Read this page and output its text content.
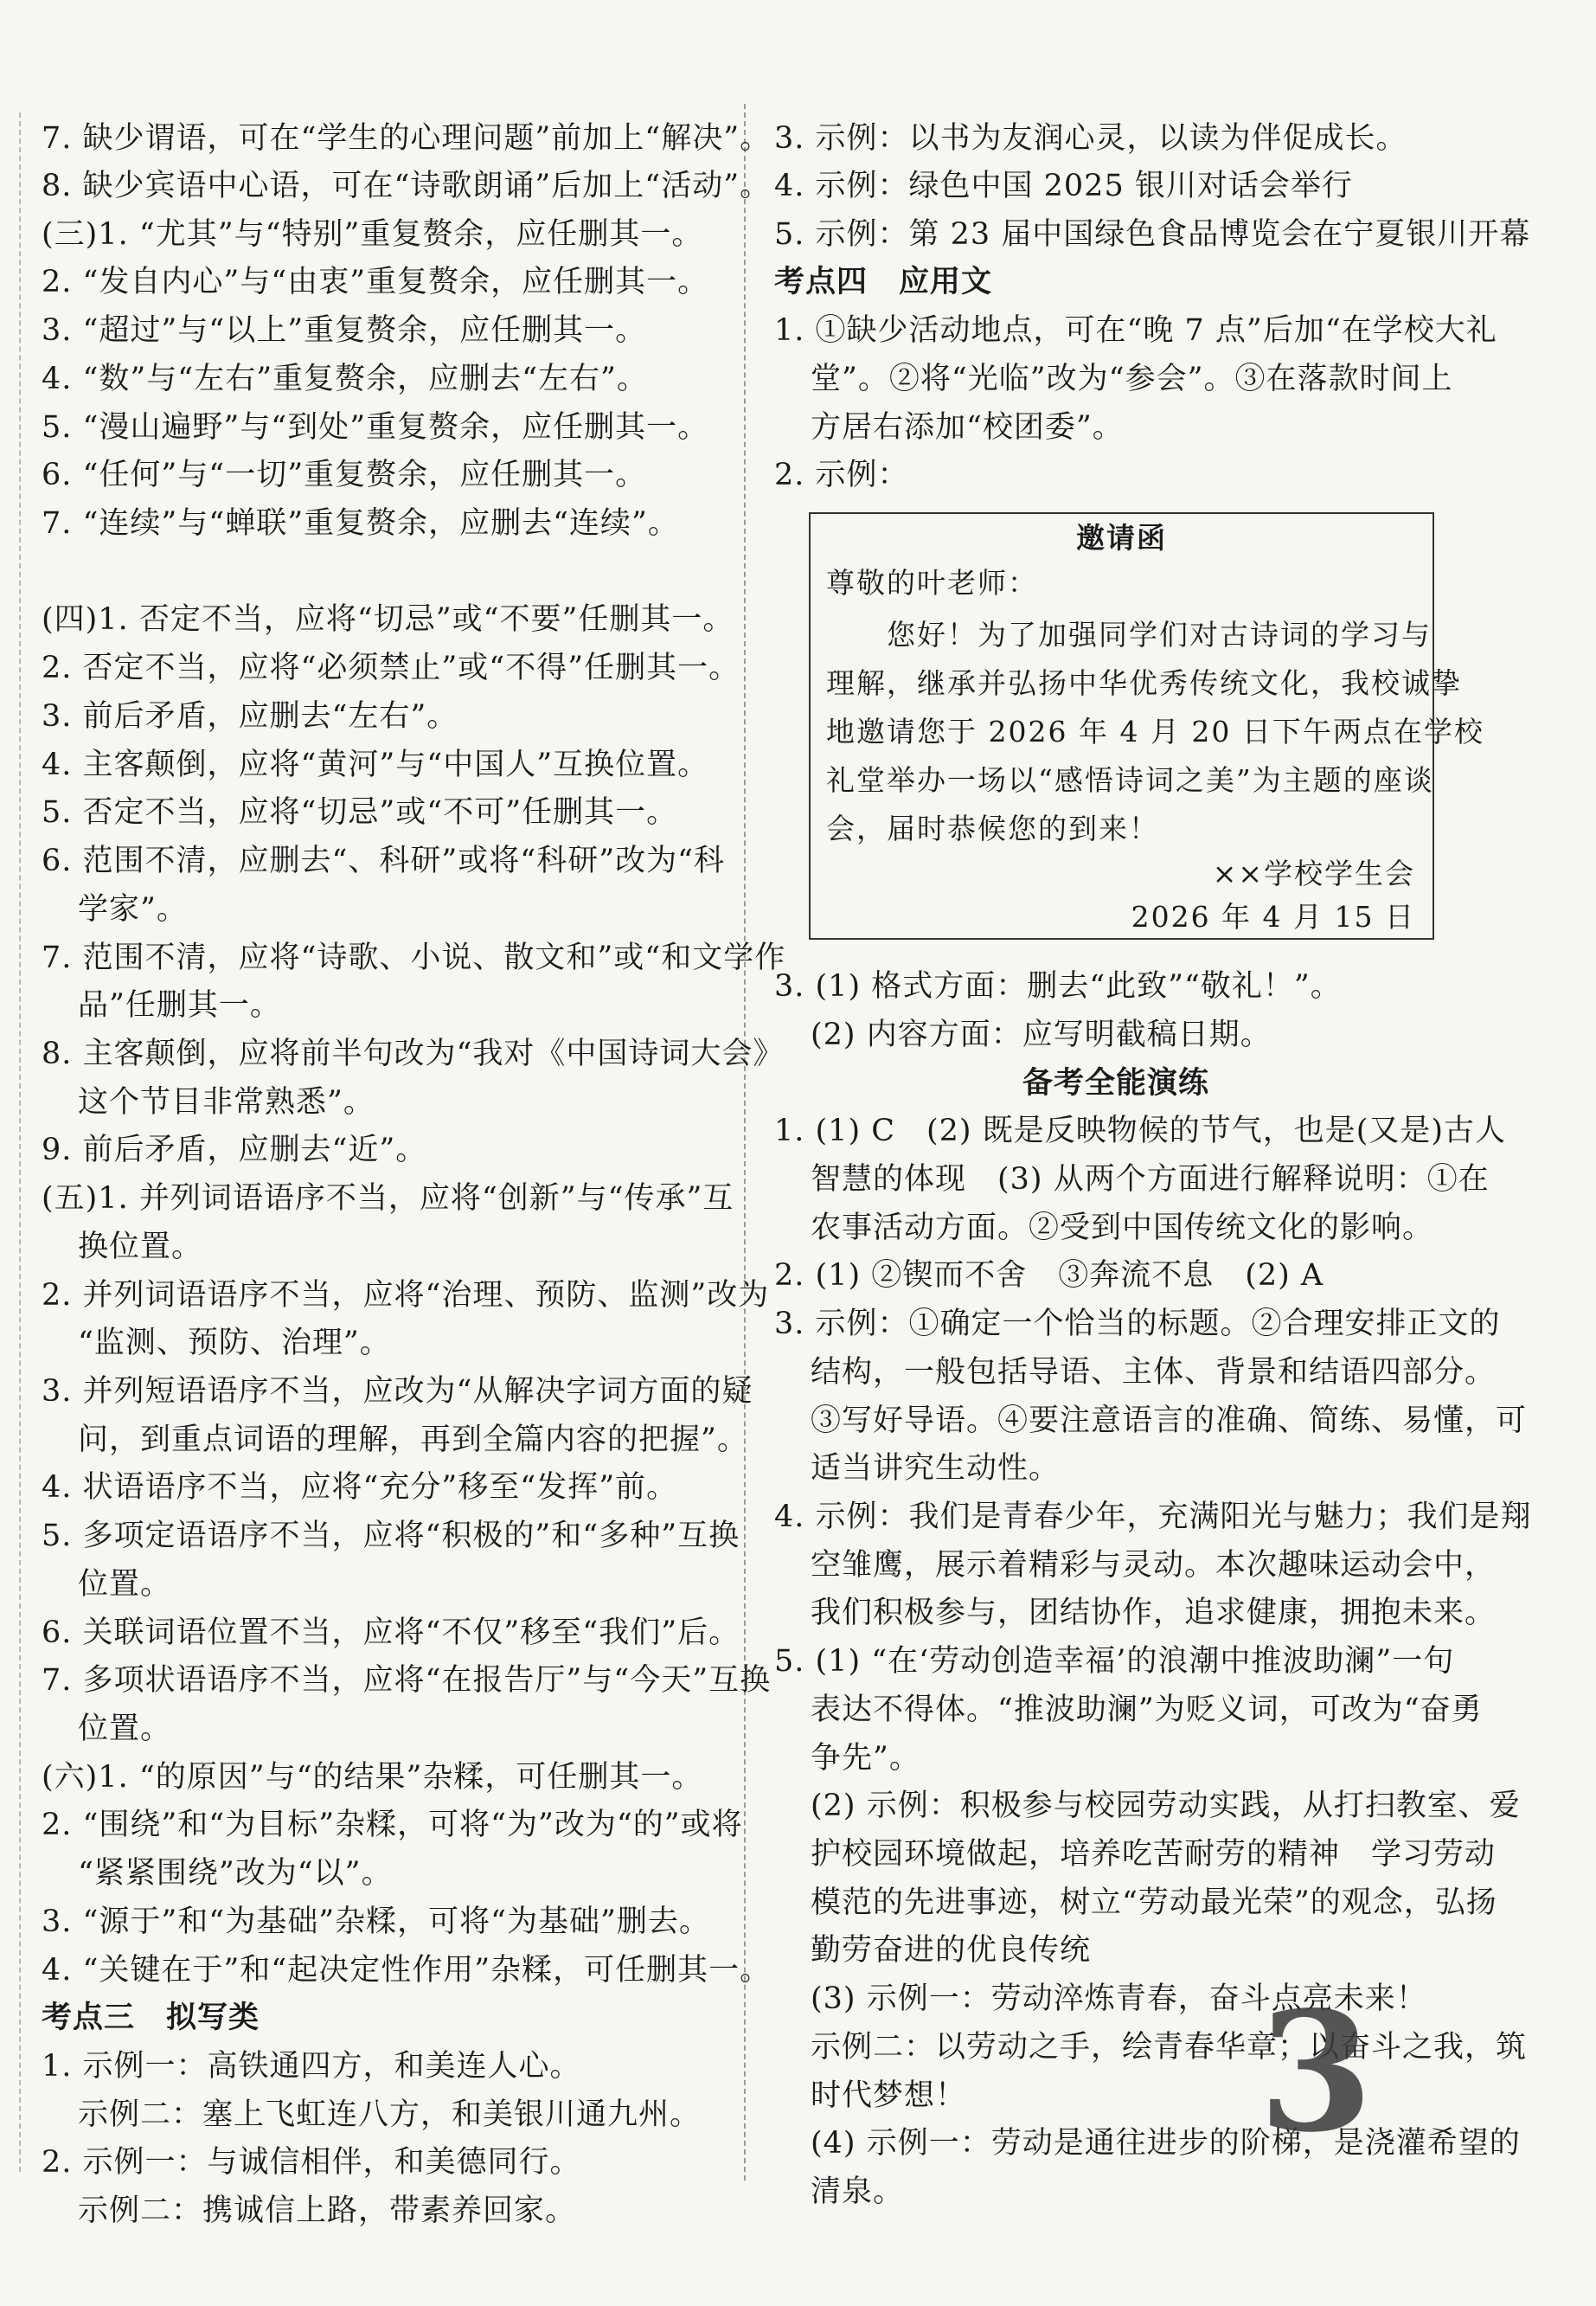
7. 缺少谓语，可在“学生的心理问题”前加上“解决”。
8. 缺少宾语中心语，可在“诗歌朗诵”后加上“活动”。
(三)1. “尤其”与“特别”重复赘余，应任删其一。
2. “发自内心”与“由衷”重复赘余，应任删其一。
3. “超过”与“以上”重复赘余，应任删其一。
4. “数”与“左右”重复赘余，应删去“左右”。
5. “漫山遍野”与“到处”重复赘余，应任删其一。
6. “任何”与“一切”重复赘余，应任删其一。
7. “连续”与“蝉联”重复赘余，应删去“连续”。
(四)1. 否定不当，应将“切忌”或“不要”任删其一。
2. 否定不当，应将“必须禁止”或“不得”任删其一。
3. 前后矛盾，应删去“左右”。
4. 主客颠倒，应将“黄河”与“中国人”互换位置。
5. 否定不当，应将“切忌”或“不可”任删其一。
6. 范围不清，应删去“、科研”或将“科研”改为“科
学家”。
7. 范围不清，应将“诗歌、小说、散文和”或“和文学作
品”任删其一。
8. 主客颠倒，应将前半句改为“我对《中国诗词大会》
这个节目非常熟悉”。
9. 前后矛盾，应删去“近”。
(五)1. 并列词语语序不当，应将“创新”与“传承”互
换位置。
2. 并列词语语序不当，应将“治理、预防、监测”改为
“监测、预防、治理”。
3. 并列短语语序不当，应改为“从解决字词方面的疑
问，到重点词语的理解，再到全篇内容的把握”。
4. 状语语序不当，应将“充分”移至“发挥”前。
5. 多项定语语序不当，应将“积极的”和“多种”互换
位置。
6. 关联词语位置不当，应将“不仅”移至“我们”后。
7. 多项状语语序不当，应将“在报告厅”与“今天”互换
位置。
(六)1. “的原因”与“的结果”杂糅，可任删其一。
2. “围绕”和“为目标”杂糅，可将“为”改为“的”或将
“紧紧围绕”改为“以”。
3. “源于”和“为基础”杂糅，可将“为基础”删去。
4. “关键在于”和“起决定性作用”杂糅，可任删其一。
考点三　拟写类
1. 示例一：高铁通四方，和美连人心。
示例二：塞上飞虹连八方，和美银川通九州。
2. 示例一：与诚信相伴，和美德同行。
示例二：携诚信上路，带素养回家。
3. 示例：以书为友润心灵，以读为伴促成长。
4. 示例：绿色中国 2025 银川对话会举行
5. 示例：第 23 届中国绿色食品博览会在宁夏银川开幕
考点四　应用文
1. ①缺少活动地点，可在“晚 7 点”后加“在学校大礼
堂”。②将“光临”改为“参会”。③在落款时间上
方居右添加“校团委”。
2. 示例：
3. (1) 格式方面：删去“此致”“敬礼！”。
(2) 内容方面：应写明截稿日期。
备考全能演练
1. (1) C　(2) 既是反映物候的节气，也是(又是)古人
智慧的体现　(3) 从两个方面进行解释说明：①在
农事活动方面。②受到中国传统文化的影响。
2. (1) ②锲而不舍　③奔流不息　(2) A
3. 示例：①确定一个恰当的标题。②合理安排正文的
结构，一般包括导语、主体、背景和结语四部分。
③写好导语。④要注意语言的准确、简练、易懂，可
适当讲究生动性。
4. 示例：我们是青春少年，充满阳光与魅力；我们是翔
空雏鹰，展示着精彩与灵动。本次趣味运动会中，
我们积极参与，团结协作，追求健康，拥抱未来。
5. (1) “在‘劳动创造幸福’的浪潮中推波助澜”一句
表达不得体。“推波助澜”为贬义词，可改为“奋勇
争先”。
(2) 示例：积极参与校园劳动实践，从打扫教室、爱
护校园环境做起，培养吃苦耐劳的精神　学习劳动
模范的先进事迹，树立“劳动最光荣”的观念，弘扬
勤劳奋进的优良传统
(3) 示例一：劳动淬炼青春，奋斗点亮未来！
示例二：以劳动之手，绘青春华章；以奋斗之我，筑
时代梦想！
(4) 示例一：劳动是通往进步的阶梯，是浇灌希望的
清泉。
邀请函
尊敬的叶老师：
您好！为了加强同学们对古诗词的学习与
理解，继承并弘扬中华优秀传统文化，我校诚挚
地邀请您于 2026 年 4 月 20 日下午两点在学校
礼堂举办一场以“感悟诗词之美”为主题的座谈
会，届时恭候您的到来！
××学校学生会
2026 年 4 月 15 日
3
